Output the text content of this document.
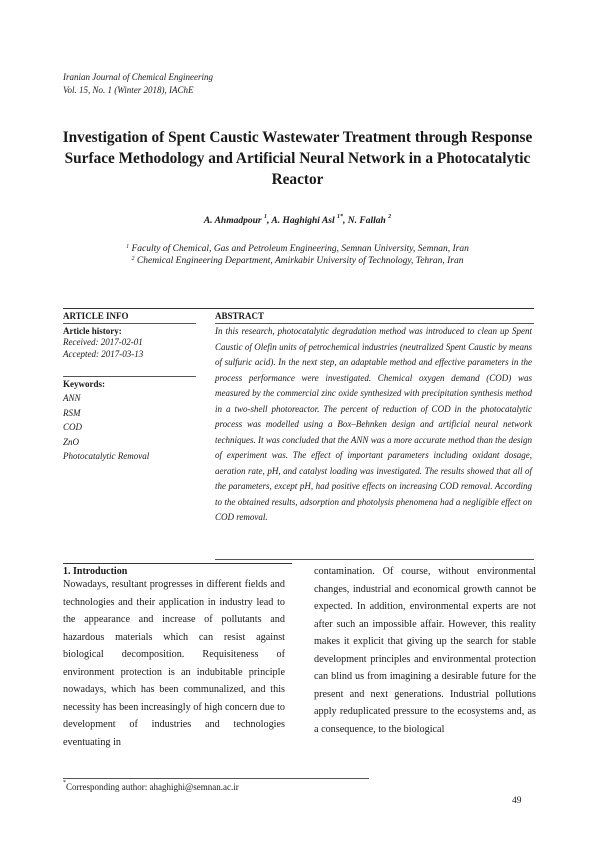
Iranian Journal of Chemical Engineering
Vol. 15, No. 1 (Winter 2018), IAChE
Investigation of Spent Caustic Wastewater Treatment through Response Surface Methodology and Artificial Neural Network in a Photocatalytic Reactor
A. Ahmadpour $^1$, A. Haghighi Asl $^{1*}$, N. Fallah $^2$
$^1$ Faculty of Chemical, Gas and Petroleum Engineering, Semnan University, Semnan, Iran
$^2$ Chemical Engineering Department, Amirkabir University of Technology, Tehran, Iran
ARTICLE INFO
Article history:
Received: 2017-02-01
Accepted: 2017-03-13
Keywords:
ANN
RSM
COD
ZnO
Photocatalytic Removal
ABSTRACT
In this research, photocatalytic degradation method was introduced to clean up Spent Caustic of Olefin units of petrochemical industries (neutralized Spent Caustic by means of sulfuric acid). In the next step, an adaptable method and effective parameters in the process performance were investigated. Chemical oxygen demand (COD) was measured by the commercial zinc oxide synthesized with precipitation synthesis method in a two-shell photoreactor. The percent of reduction of COD in the photocatalytic process was modelled using a Box–Behnken design and artificial neural network techniques. It was concluded that the ANN was a more accurate method than the design of experiment was. The effect of important parameters including oxidant dosage, aeration rate, pH, and catalyst loading was investigated. The results showed that all of the parameters, except pH, had positive effects on increasing COD removal. According to the obtained results, adsorption and photolysis phenomena had a negligible effect on COD removal.
1. Introduction
Nowadays, resultant progresses in different fields and technologies and their application in industry lead to the appearance and increase of pollutants and hazardous materials which can resist against biological decomposition. Requisiteness of environment protection is an indubitable principle nowadays, which has been communalized, and this necessity has been increasingly of high concern due to development of industries and technologies eventuating in
contamination. Of course, without environmental changes, industrial and economical growth cannot be expected. In addition, environmental experts are not after such an impossible affair. However, this reality makes it explicit that giving up the search for stable development principles and environmental protection can blind us from imagining a desirable future for the present and next generations. Industrial pollutions apply reduplicated pressure to the ecosystems and, as a consequence, to the biological
*Corresponding author: ahaghighi@semnan.ac.ir
49
